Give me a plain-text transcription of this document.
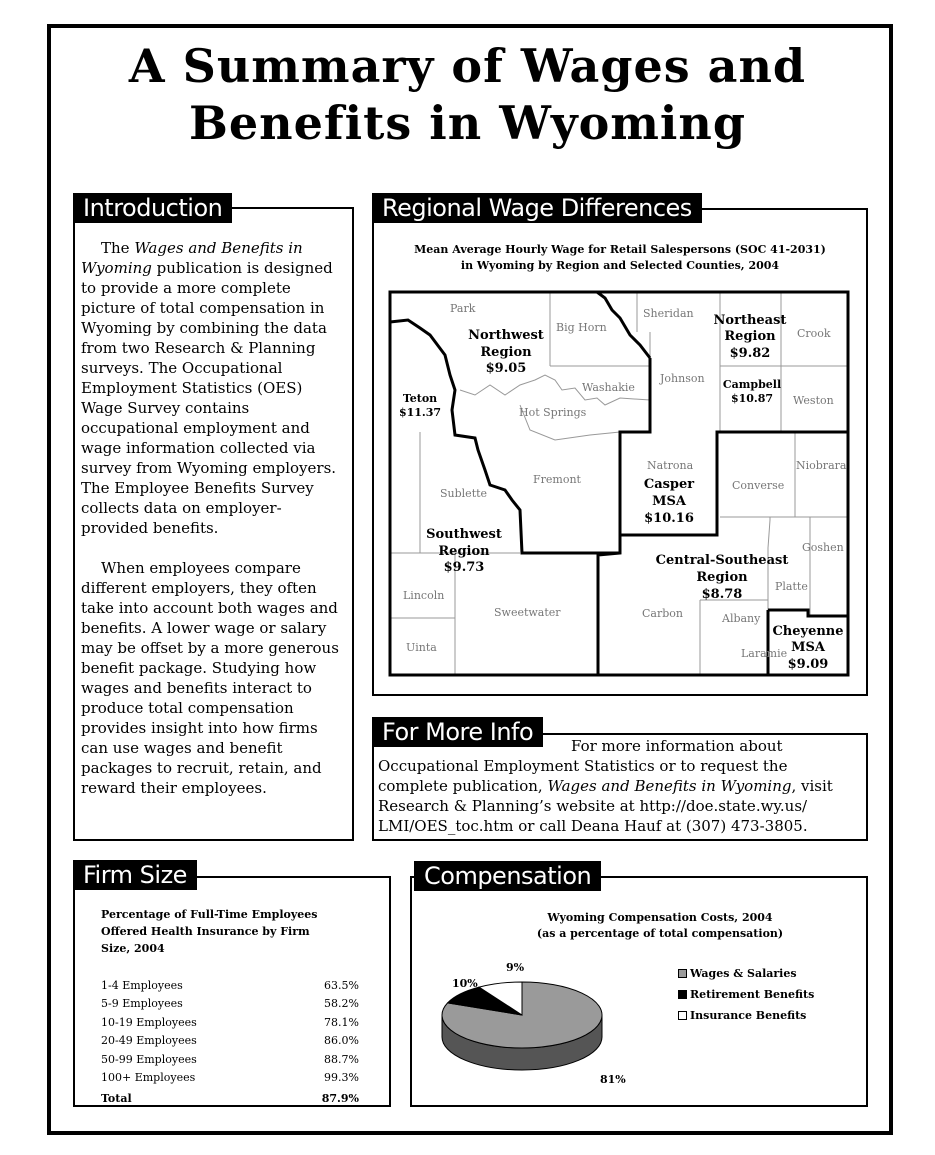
A Summary of Wages and
Benefits in Wyoming

The Wages and Benefits in Wyoming publication is designed to provide a more complete picture of total compensation in Wyoming by combining the data from two Research & Planning surveys. The Occupational Employment Statistics (OES) Wage Survey contains occupational employment and wage information collected via survey from Wyoming employers. The Employee Benefits Survey collects data on employer-provided benefits.

When employees compare different employers, they often take into account both wages and benefits. A lower wage or salary may be offset by a more generous benefit package. Studying how wages and benefits interact to produce total compensation provides insight into how firms can use wages and benefit packages to recruit, retain, and reward their employees.

Introduction
Mean Average Hourly Wage for Retail Salespersons (SOC 41-2031)
in Wyoming by Region and Selected Counties, 2004
Regional Wage Differences
Park
Big Horn
Sheridan
Crook
Johnson
Washakie
Hot Springs
Weston
Natrona	Niobrara
Converse
Sublette
Fremont
Goshen
Platte
Lincoln
Sweetwater	Carbon	Albany
Uinta	Laramie
Northwest
Region
$9.05
Northeast
Region
$9.82
Casper
MSA
$10.16
Southwest
Region
$9.73	Central-Southeast
Region
$8.78
Cheyenne
MSA
$9.09
Teton
$11.37
Campbell
$10.87
For more information about
Occupational Employment Statistics or to request the
complete publication, Wages and Benefits in Wyoming, visit
Research & Planning’s website at http://doe.state.wy.us/
LMI/OES_toc.htm or call Deana Hauf at (307) 473-3805.
For More Info
Percentage of Full-Time Employees
Offered Health Insurance by Firm
Size, 2004
1-4 Employees	63.5%
5-9 Employees	58.2%
10-19 Employees	78.1%
20-49 Employees	86.0%
50-99 Employees	88.7%
100+ Employees	99.3%
Total	87.9%
Firm Size
Wyoming Compensation Costs, 2004
(as a percentage of total compensation)
Compensation
81%
10%
9%	Wages & Salaries
Retirement Benefits
Insurance Benefits
